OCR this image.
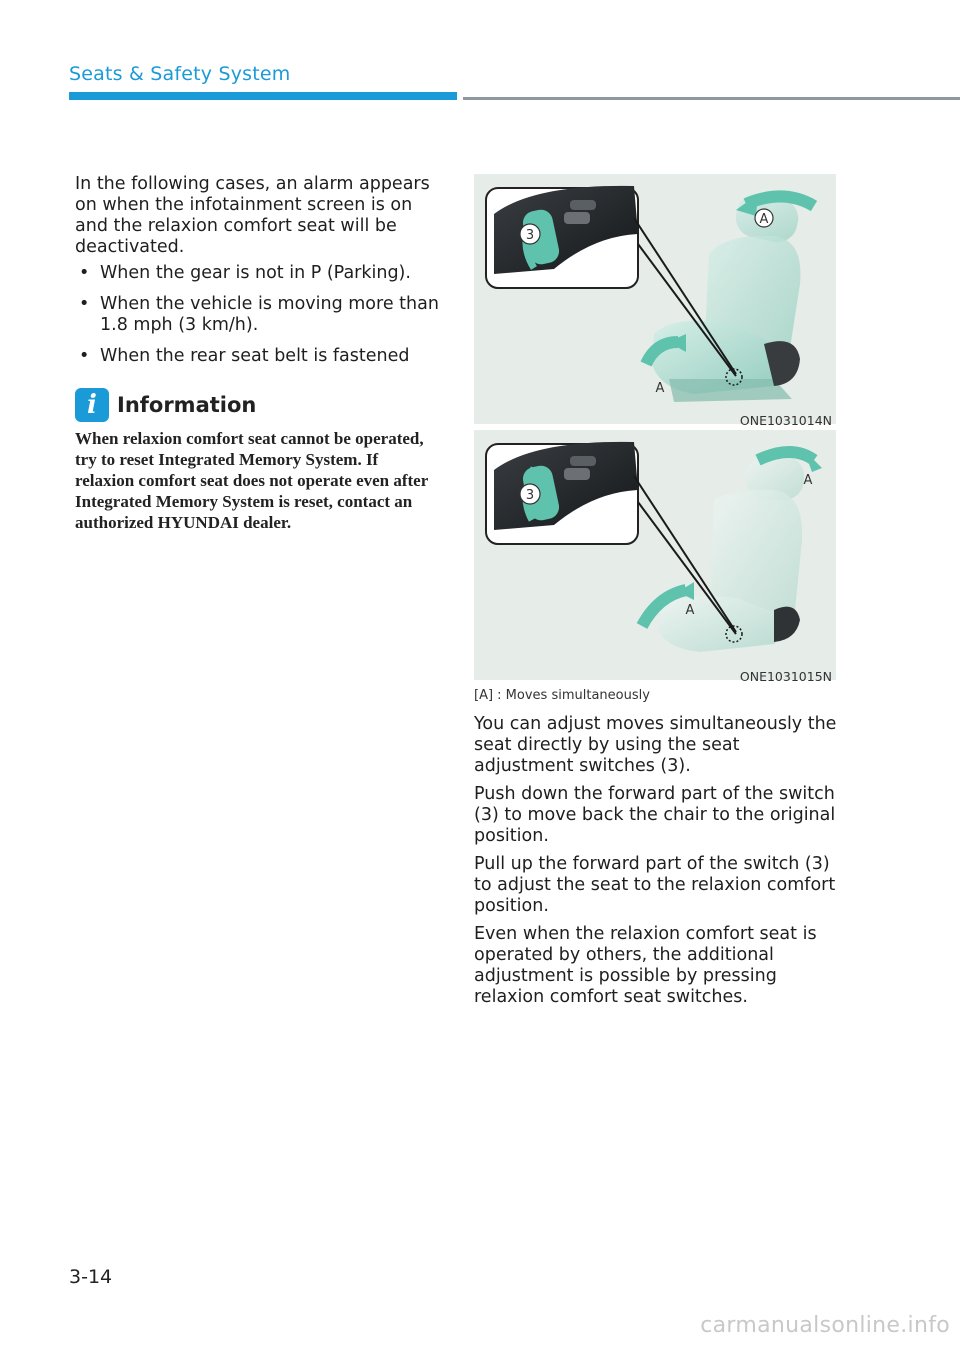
Seats & Safety System

In the following cases, an alarm appears on when the infotainment screen is on and the relaxion comfort seat will be deactivated.

• When the gear is not in P (Parking).
• When the vehicle is moving more than 1.8 mph (3 km/h).
• When the rear seat belt is fastened
i Information
When relaxion comfort seat cannot be operated, try to reset Integrated Memory System. If relaxion comfort seat does not operate even after Integrated Memory System is reset, contact an authorized HYUNDAI dealer.
3
A
A
ONE1031014N
3
A
A
ONE1031015N
[A] : Moves simultaneously

You can adjust moves simultaneously the seat directly by using the seat adjustment switches (3).

Push down the forward part of the switch (3) to move back the chair to the original position.

Pull up the forward part of the switch (3) to adjust the seat to the relaxion comfort position.

Even when the relaxion comfort seat is operated by others, the additional adjustment is possible by pressing relaxion comfort seat switches.

3-14
carmanualsonline.info
